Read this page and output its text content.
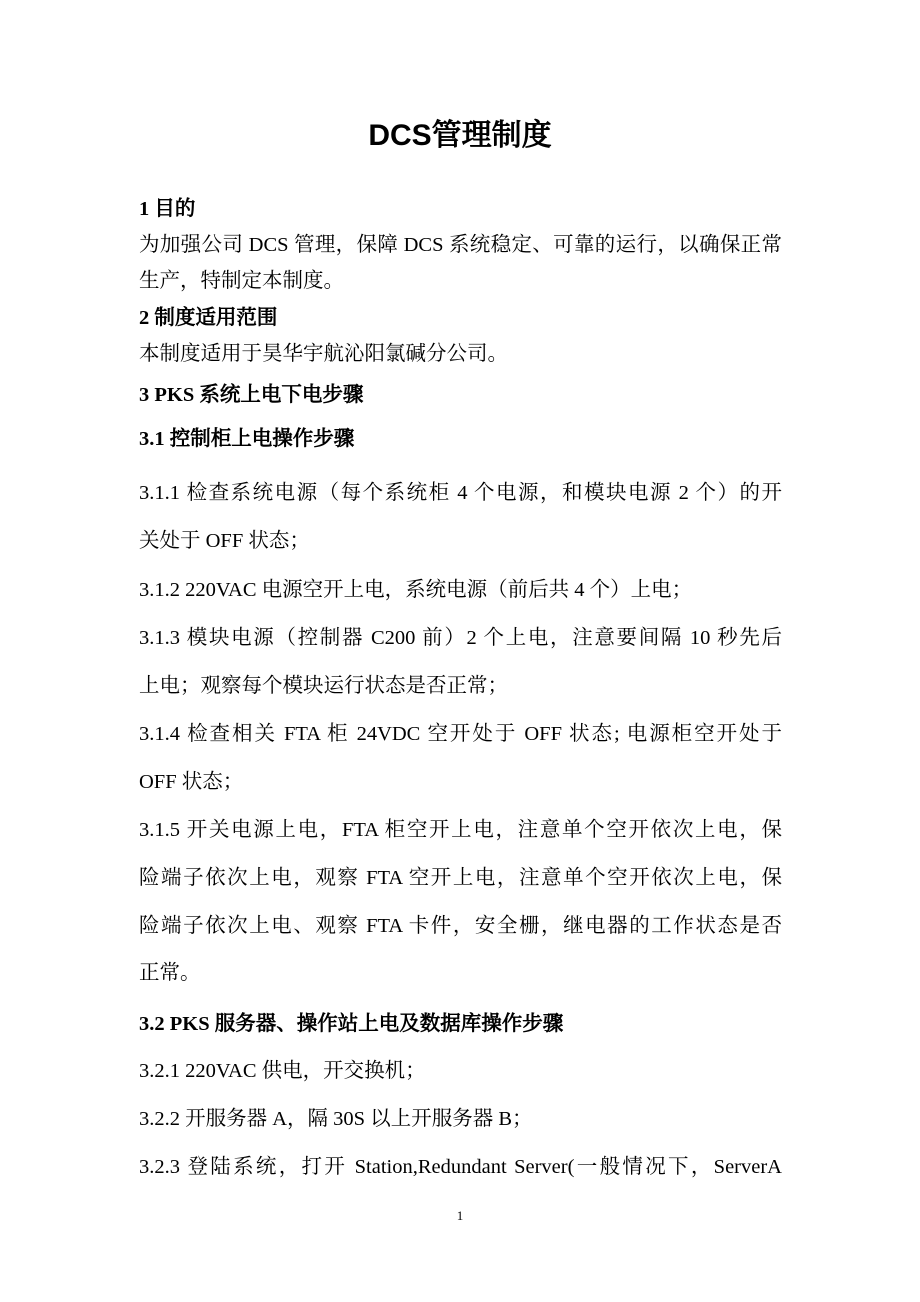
DCS管理制度
1 目的
为加强公司 DCS 管理，保障 DCS 系统稳定、可靠的运行，以确保正常
生产，特制定本制度。
2 制度适用范围
本制度适用于昊华宇航沁阳氯碱分公司。
3 PKS 系统上电下电步骤
3.1 控制柜上电操作步骤
3.1.1 检查系统电源（每个系统柜 4 个电源，和模块电源 2 个）的开
关处于 OFF 状态；
3.1.2 220VAC 电源空开上电，系统电源（前后共 4 个）上电；
3.1.3 模块电源（控制器 C200 前）2 个上电，注意要间隔 10 秒先后
上电；观察每个模块运行状态是否正常；
3.1.4 检查相关 FTA 柜 24VDC 空开处于 OFF 状态; 电源柜空开处于
OFF 状态；
3.1.5 开关电源上电，FTA 柜空开上电，注意单个空开依次上电，保
险端子依次上电，观察 FTA 空开上电，注意单个空开依次上电，保
险端子依次上电、观察 FTA 卡件，安全栅，继电器的工作状态是否
正常。
3.2 PKS 服务器、操作站上电及数据库操作步骤
3.2.1 220VAC 供电，开交换机；
3.2.2 开服务器 A，隔 30S 以上开服务器 B；
3.2.3 登陆系统，打开 Station,Redundant Server(一般情况下，ServerA
1
